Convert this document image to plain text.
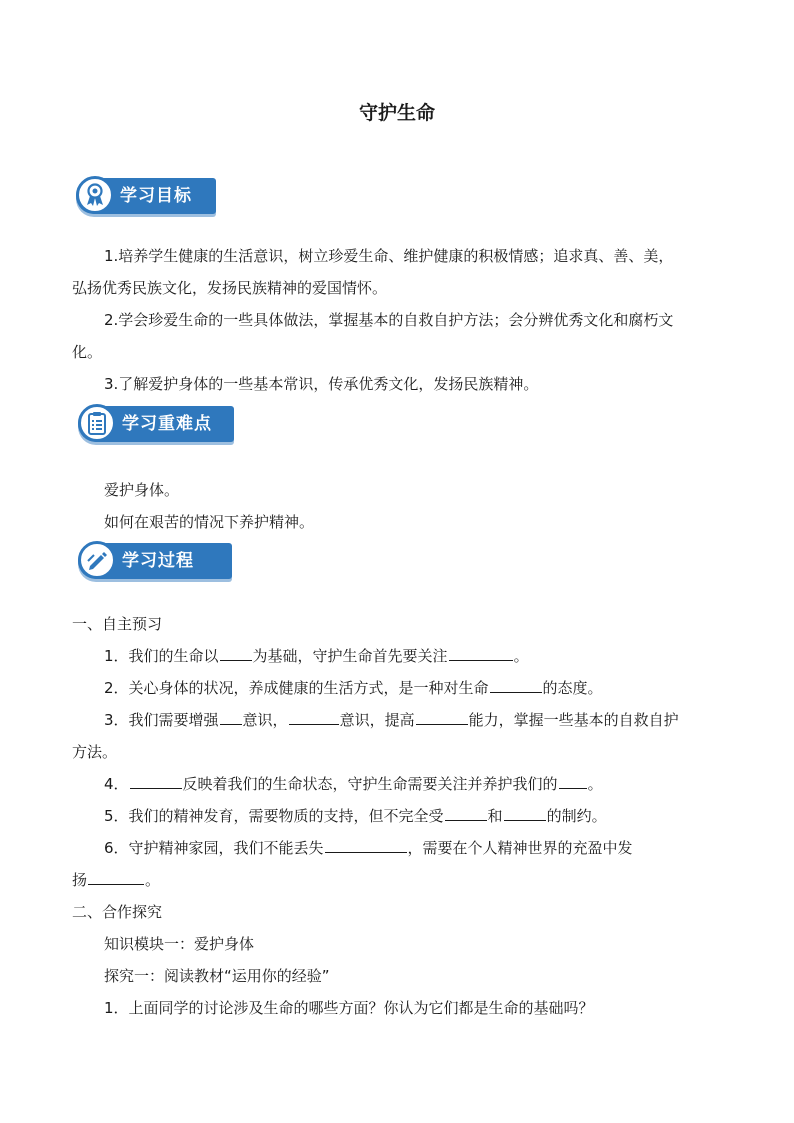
守护生命
学习目标
1.培养学生健康的生活意识，树立珍爱生命、维护健康的积极情感；追求真、善、美，
弘扬优秀民族文化，发扬民族精神的爱国情怀。
2.学会珍爱生命的一些具体做法，掌握基本的自救自护方法；会分辨优秀文化和腐朽文
化。
3.了解爱护身体的一些基本常识，传承优秀文化，发扬民族精神。
学习重难点
爱护身体。
如何在艰苦的情况下养护精神。
学习过程
一、自主预习
1．我们的生命以 为基础，守护生命首先要关注	。
2．关心身体的状况，养成健康的生活方式，是一种对生命	的态度。
3．我们需要增强 意识，	意识，提高	能力，掌握一些基本的自救自护
方法。
4．	反映着我们的生命状态，守护生命需要关注并养护我们的 。
5．我们的精神发育，需要物质的支持，但不完全受	和	的制约。
6．守护精神家园，我们不能丢失	，需要在个人精神世界的充盈中发
扬	。
二、合作探究
知识模块一：爱护身体
探究一：阅读教材“运用你的经验”
1．上面同学的讨论涉及生命的哪些方面？你认为它们都是生命的基础吗？
